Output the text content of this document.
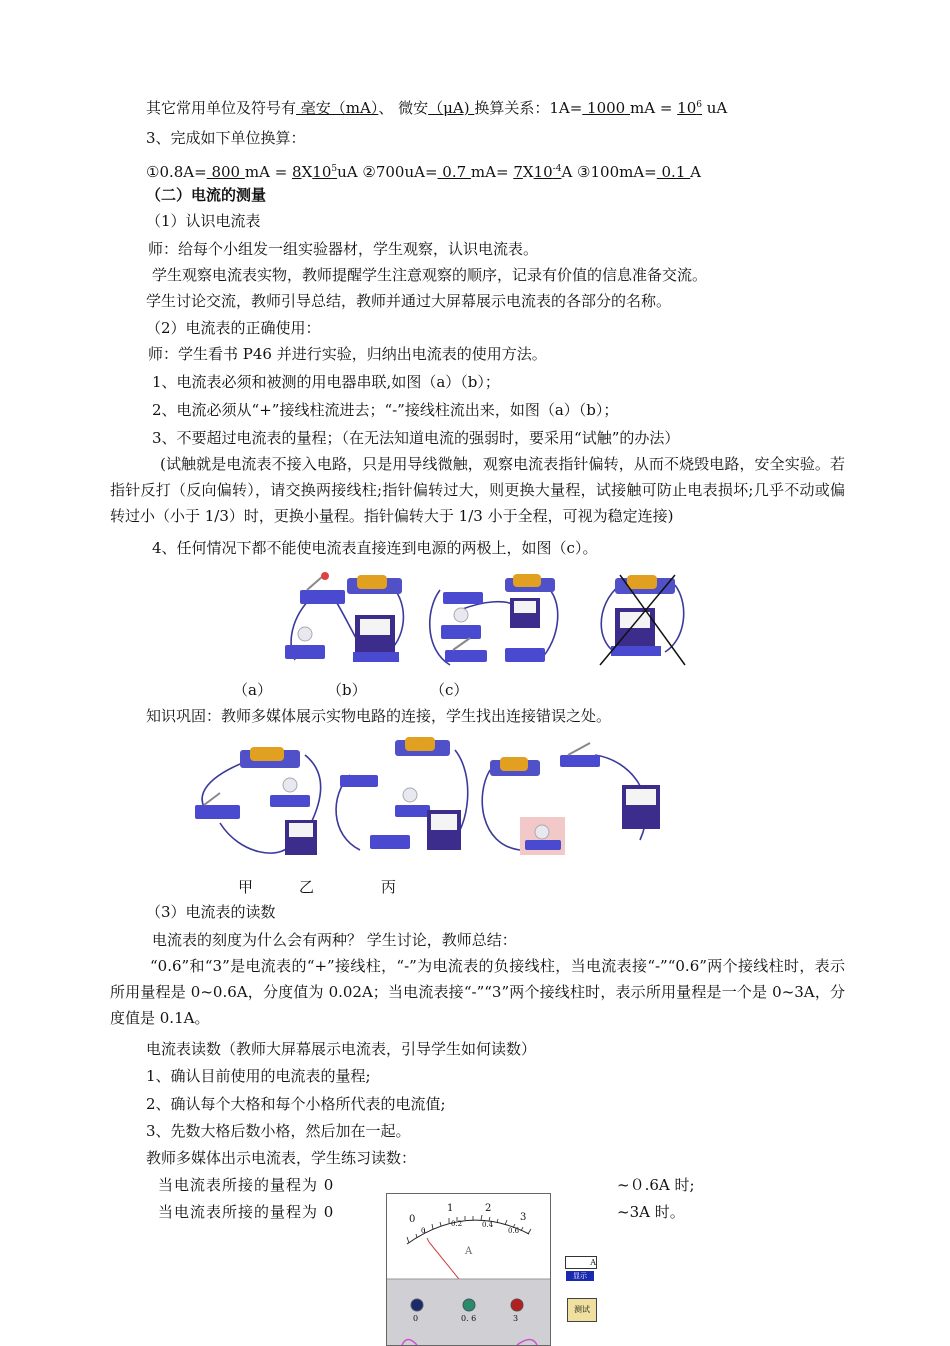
其它常用单位及符号有 毫安（mA）、 微安（μA) 换算关系：1A= 1000 mA = $10^6$ uA
3、完成如下单位换算：
①0.8A= 800 mA = $8X10^5uA$ ②700uA= 0.7 $mA= 7X10^{-4}A$ ③100mA= 0.1 A
（二）电流的测量
（1）认识电流表
师：给每个小组发一组实验器材，学生观察，认识电流表。
学生观察电流表实物，教师提醒学生注意观察的顺序，记录有价值的信息准备交流。
学生讨论交流，教师引导总结，教师并通过大屏幕展示电流表的各部分的名称。
（2）电流表的正确使用：
师：学生看书 P46 并进行实验，归纳出电流表的使用方法。
1、电流表必须和被测的用电器串联,如图（a）（b）；
2、电流必须从“+”接线柱流进去；“-”接线柱流出来，如图（a）（b）；
3、不要超过电流表的量程；（在无法知道电流的强弱时，要采用“试触”的办法）
(试触就是电流表不接入电路，只是用导线微触，观察电流表指针偏转，从而不烧毁电路，安全实验。若指针反打（反向偏转），请交换两接线柱;指针偏转过大，则更换大量程，试接触可防止电表损坏;几乎不动或偏转过小（小于 1/3）时，更换小量程。指针偏转大于 1/3 小于全程，可视为稳定连接)
4、任何情况下都不能使电流表直接连到电源的两极上，如图（c）。
（a）	（b）	（c）
知识巩固：教师多媒体展示实物电路的连接，学生找出连接错误之处。
甲	乙	丙
（3）电流表的读数
电流表的刻度为什么会有两种？ 学生讨论，教师总结：
“0.6”和“3”是电流表的“+”接线柱，“-”为电流表的负接线柱，当电流表接“-”“0.6”两个接线柱时，表示所用量程是 0~0.6A，分度值为 0.02A；当电流表接“-”“3”两个接线柱时，表示所用量程是一个是 0~3A，分度值是 0.1A。
电流表读数（教师大屏幕展示电流表，引导学生如何读数）
1、确认目前使用的电流表的量程;
2、确认每个大格和每个小格所代表的电流值;
3、先数大格后数小格，然后加在一起。
教师多媒体出示电流表，学生练习读数：
当电流表所接的量程为 0	~０.6A 时;
当电流表所接的量程为 0	~3A 时。
0
1	2
3
0
0.2	0.4
0.6
A
0	0. 6	3
A
显示
测试
